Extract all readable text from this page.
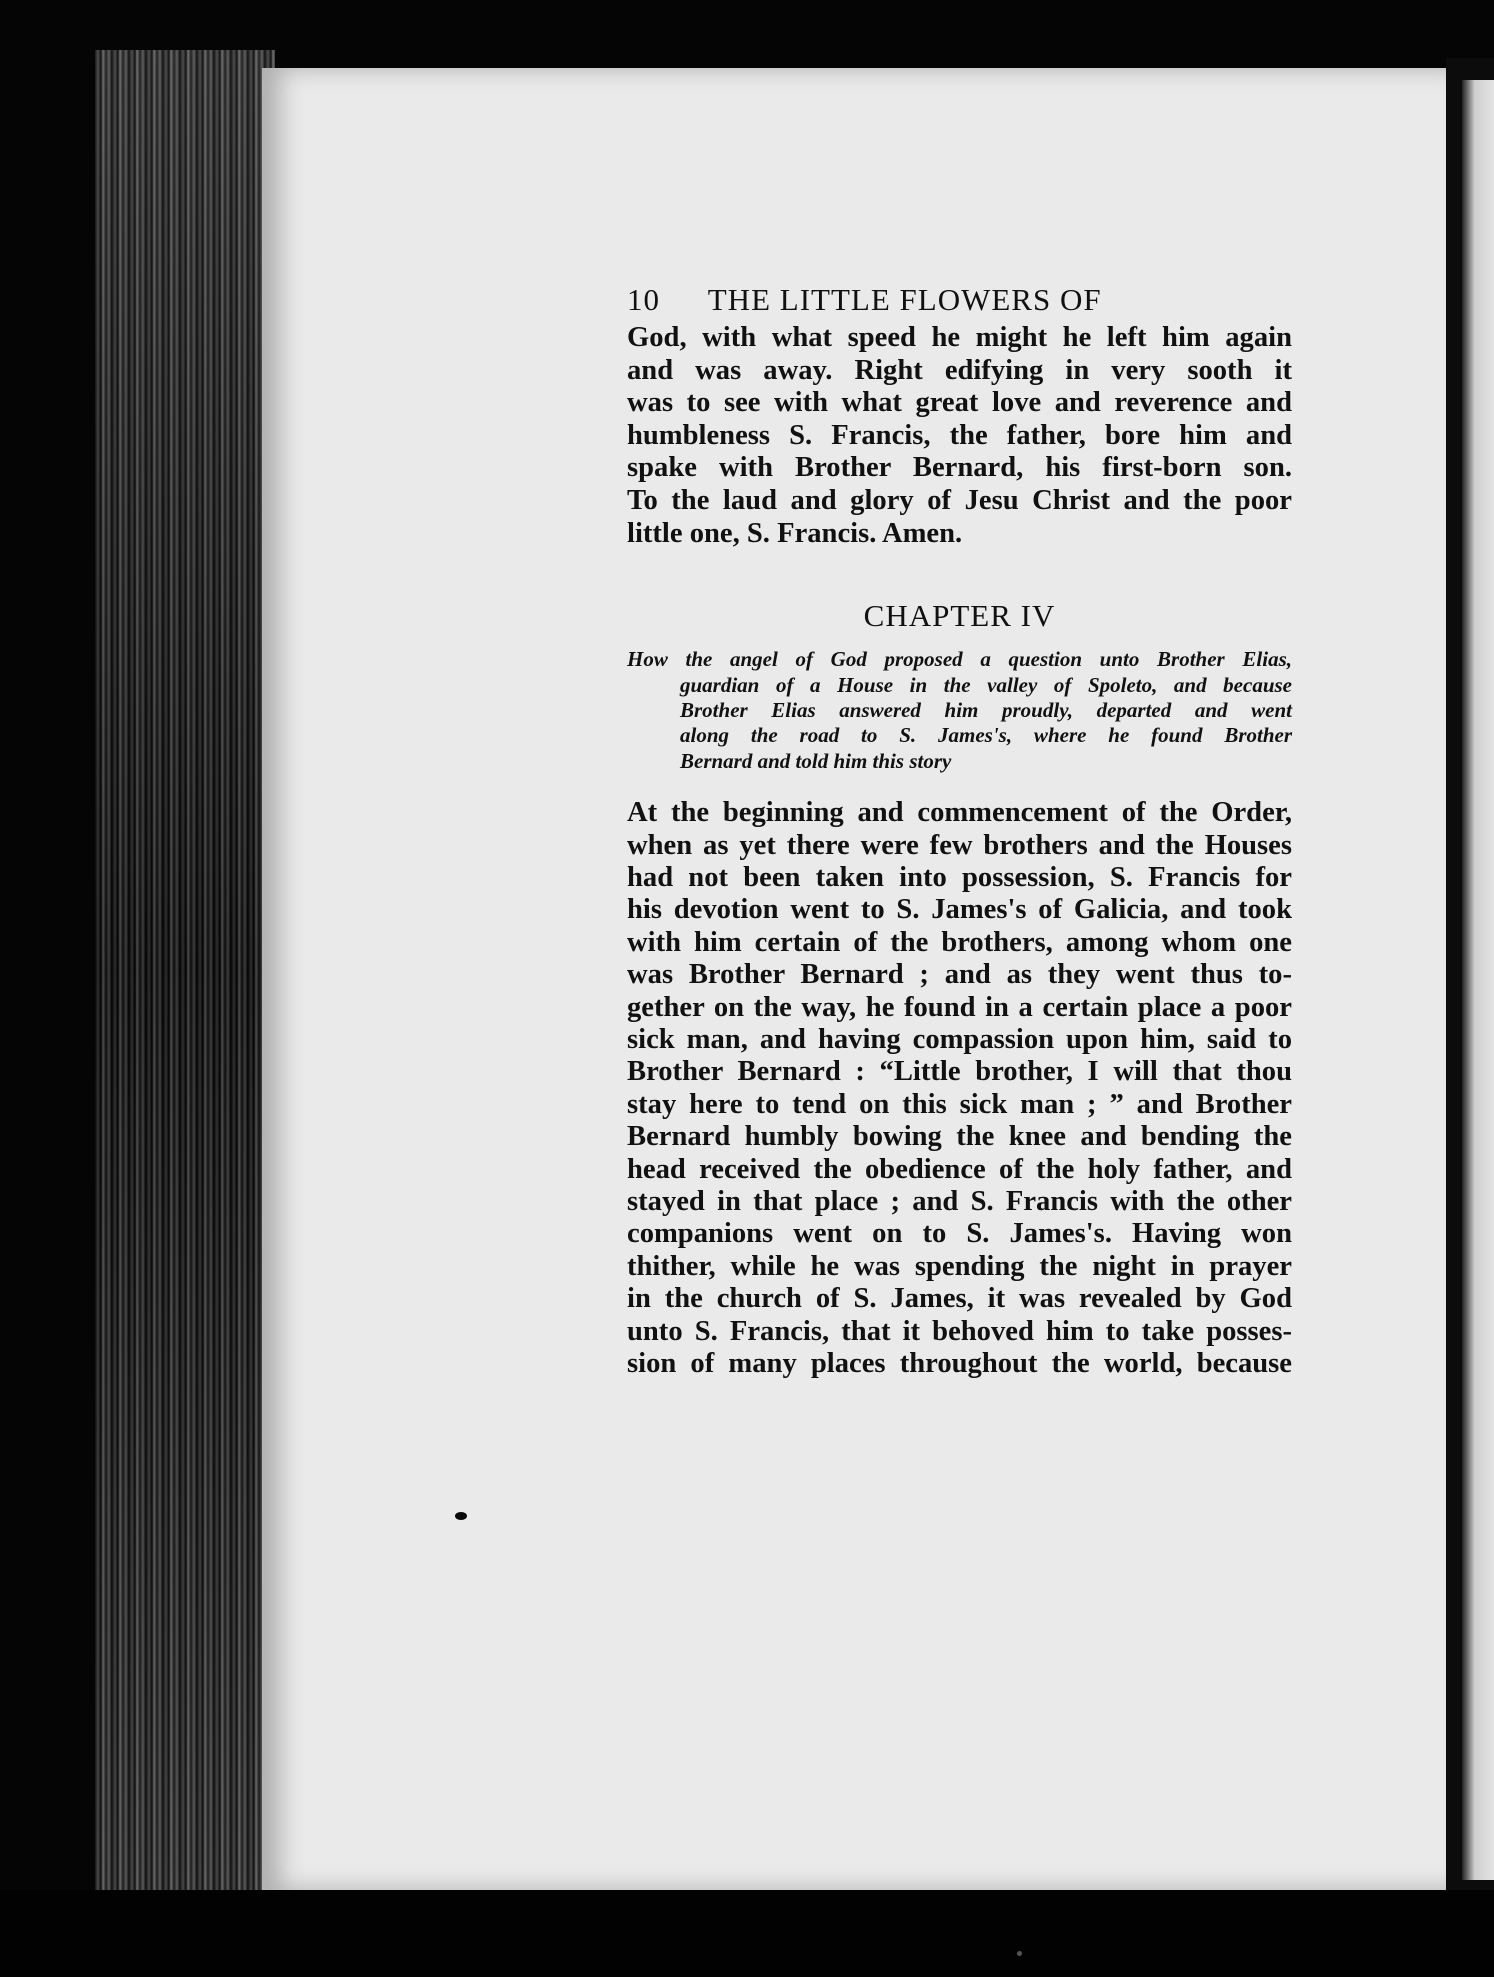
10 THE LITTLE FLOWERS OF
God, with what speed he might he left him again
and was away. Right edifying in very sooth it
was to see with what great love and reverence and
humbleness S. Francis, the father, bore him and
spake with Brother Bernard, his first-born son.
To the laud and glory of Jesu Christ and the poor
little one, S. Francis. Amen.
CHAPTER IV
How the angel of God proposed a question unto Brother Elias,
guardian of a House in the valley of Spoleto, and because
Brother Elias answered him proudly, departed and went
along the road to S. James's, where he found Brother
Bernard and told him this story
At the beginning and commencement of the Order,
when as yet there were few brothers and the Houses
had not been taken into possession, S. Francis for
his devotion went to S. James's of Galicia, and took
with him certain of the brothers, among whom one
was Brother Bernard ; and as they went thus to-
gether on the way, he found in a certain place a poor
sick man, and having compassion upon him, said to
Brother Bernard : “Little brother, I will that thou
stay here to tend on this sick man ; ” and Brother
Bernard humbly bowing the knee and bending the
head received the obedience of the holy father, and
stayed in that place ; and S. Francis with the other
companions went on to S. James's. Having won
thither, while he was spending the night in prayer
in the church of S. James, it was revealed by God
unto S. Francis, that it behoved him to take posses-
sion of many places throughout the world, because
